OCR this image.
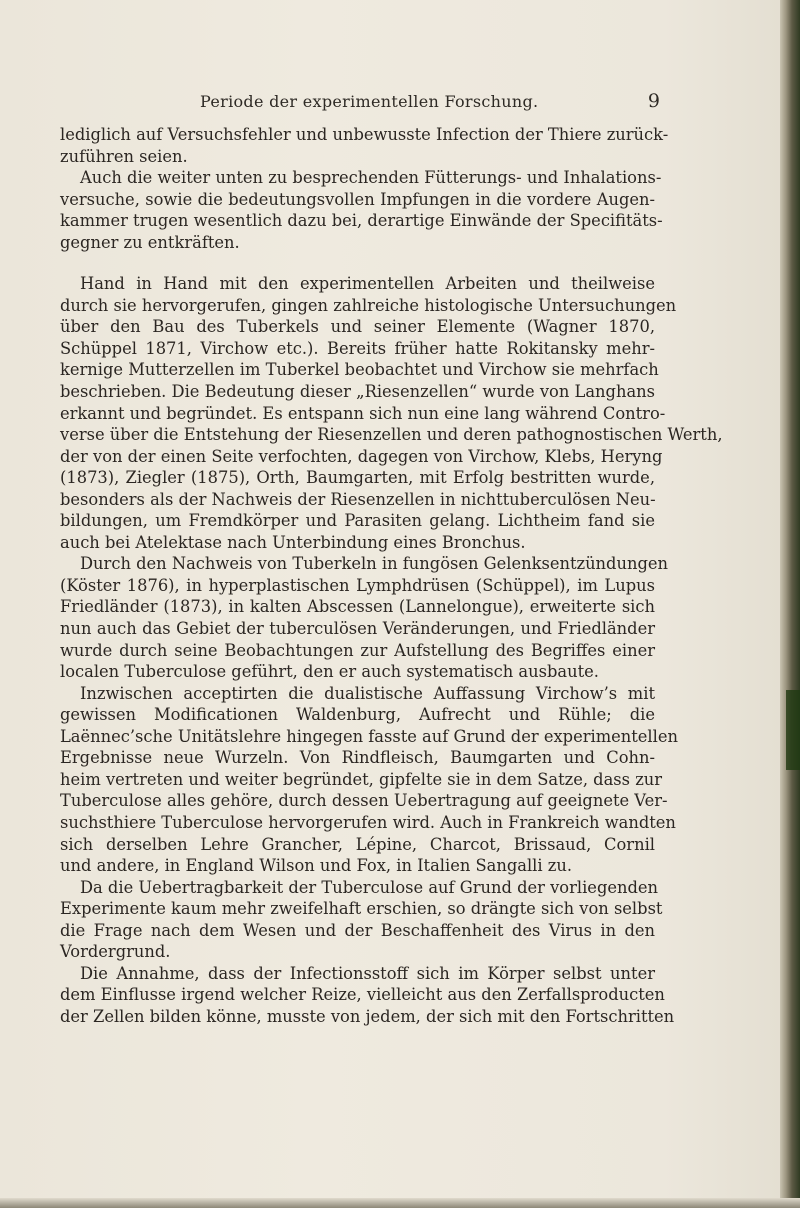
Periode der experimentellen Forschung.	9
lediglich auf Versuchsfehler und unbewusste Infection der Thiere zurück-
zuführen seien.
Auch die weiter unten zu besprechenden Fütterungs- und Inhalations-
versuche, sowie die bedeutungsvollen Impfungen in die vordere Augen-
kammer trugen wesentlich dazu bei, derartige Einwände der Specifitäts-
gegner zu entkräften.
Hand in Hand mit den experimentellen Arbeiten und theilweise
durch sie hervorgerufen, gingen zahlreiche histologische Untersuchungen
über den Bau des Tuberkels und seiner Elemente (Wagner 1870,
Schüppel 1871, Virchow etc.). Bereits früher hatte Rokitansky mehr-
kernige Mutterzellen im Tuberkel beobachtet und Virchow sie mehrfach
beschrieben. Die Bedeutung dieser „Riesenzellen“ wurde von Langhans
erkannt und begründet. Es entspann sich nun eine lang während Contro-
verse über die Entstehung der Riesenzellen und deren pathognostischen Werth,
der von der einen Seite verfochten, dagegen von Virchow, Klebs, Heryng
(1873), Ziegler (1875), Orth, Baumgarten, mit Erfolg bestritten wurde,
besonders als der Nachweis der Riesenzellen in nichttuberculösen Neu-
bildungen, um Fremdkörper und Parasiten gelang. Lichtheim fand sie
auch bei Atelektase nach Unterbindung eines Bronchus.
Durch den Nachweis von Tuberkeln in fungösen Gelenksentzündungen
(Köster 1876), in hyperplastischen Lymphdrüsen (Schüppel), im Lupus
Friedländer (1873), in kalten Abscessen (Lannelongue), erweiterte sich
nun auch das Gebiet der tuberculösen Veränderungen, und Friedländer
wurde durch seine Beobachtungen zur Aufstellung des Begriffes einer
localen Tuberculose geführt, den er auch systematisch ausbaute.
Inzwischen acceptirten die dualistische Auffassung Virchow’s mit
gewissen Modificationen Waldenburg, Aufrecht und Rühle; die
Laënnec’sche Unitätslehre hingegen fasste auf Grund der experimentellen
Ergebnisse neue Wurzeln. Von Rindfleisch, Baumgarten und Cohn-
heim vertreten und weiter begründet, gipfelte sie in dem Satze, dass zur
Tuberculose alles gehöre, durch dessen Uebertragung auf geeignete Ver-
suchsthiere Tuberculose hervorgerufen wird. Auch in Frankreich wandten
sich derselben Lehre Grancher, Lépine, Charcot, Brissaud, Cornil
und andere, in England Wilson und Fox, in Italien Sangalli zu.
Da die Uebertragbarkeit der Tuberculose auf Grund der vorliegenden
Experimente kaum mehr zweifelhaft erschien, so drängte sich von selbst
die Frage nach dem Wesen und der Beschaffenheit des Virus in den
Vordergrund.
Die Annahme, dass der Infectionsstoff sich im Körper selbst unter
dem Einflusse irgend welcher Reize, vielleicht aus den Zerfallsproducten
der Zellen bilden könne, musste von jedem, der sich mit den Fortschritten
